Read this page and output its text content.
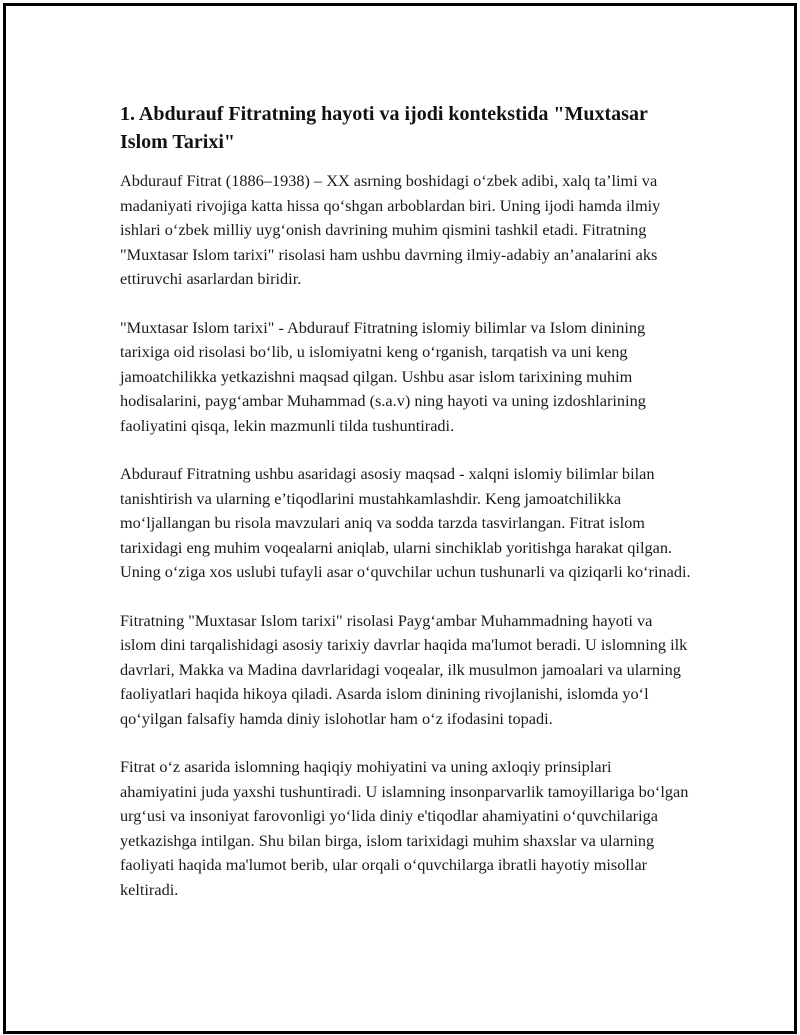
1. Abdurauf Fitratning hayoti va ijodi kontekstida "Muxtasar Islom Tarixi"

Abdurauf Fitrat (1886–1938) – XX asrning boshidagi o‘zbek adibi, xalq ta’limi va madaniyati rivojiga katta hissa qo‘shgan arboblardan biri. Uning ijodi hamda ilmiy ishlari o‘zbek milliy uyg‘onish davrining muhim qismini tashkil etadi. Fitratning "Muxtasar Islom tarixi" risolasi ham ushbu davrning ilmiy-adabiy an’analarini aks ettiruvchi asarlardan biridir.

"Muxtasar Islom tarixi" - Abdurauf Fitratning islomiy bilimlar va Islom dinining tarixiga oid risolasi bo‘lib, u islomiyatni keng o‘rganish, tarqatish va uni keng jamoatchilikka yetkazishni maqsad qilgan. Ushbu asar islom tarixining muhim hodisalarini, payg‘ambar Muhammad (s.a.v) ning hayoti va uning izdoshlarining faoliyatini qisqa, lekin mazmunli tilda tushuntiradi.

Abdurauf Fitratning ushbu asaridagi asosiy maqsad - xalqni islomiy bilimlar bilan tanishtirish va ularning e’tiqodlarini mustahkamlashdir. Keng jamoatchilikka mo‘ljallangan bu risola mavzulari aniq va sodda tarzda tasvirlangan. Fitrat islom tarixidagi eng muhim voqealarni aniqlab, ularni sinchiklab yoritishga harakat qilgan. Uning o‘ziga xos uslubi tufayli asar o‘quvchilar uchun tushunarli va qiziqarli ko‘rinadi.

Fitratning "Muxtasar Islom tarixi" risolasi Payg‘ambar Muhammadning hayoti va islom dini tarqalishidagi asosiy tarixiy davrlar haqida ma'lumot beradi. U islomning ilk davrlari, Makka va Madina davrlaridagi voqealar, ilk musulmon jamoalari va ularning faoliyatlari haqida hikoya qiladi. Asarda islom dinining rivojlanishi, islomda yo‘l qo‘yilgan falsafiy hamda diniy islohotlar ham o‘z ifodasini topadi.

Fitrat o‘z asarida islomning haqiqiy mohiyatini va uning axloqiy prinsiplari ahamiyatini juda yaxshi tushuntiradi. U islamning insonparvarlik tamoyillariga bo‘lgan urg‘usi va insoniyat farovonligi yo‘lida diniy e'tiqodlar ahamiyatini o‘quvchilariga yetkazishga intilgan. Shu bilan birga, islom tarixidagi muhim shaxslar va ularning faoliyati haqida ma'lumot berib, ular orqali o‘quvchilarga ibratli hayotiy misollar keltiradi.
